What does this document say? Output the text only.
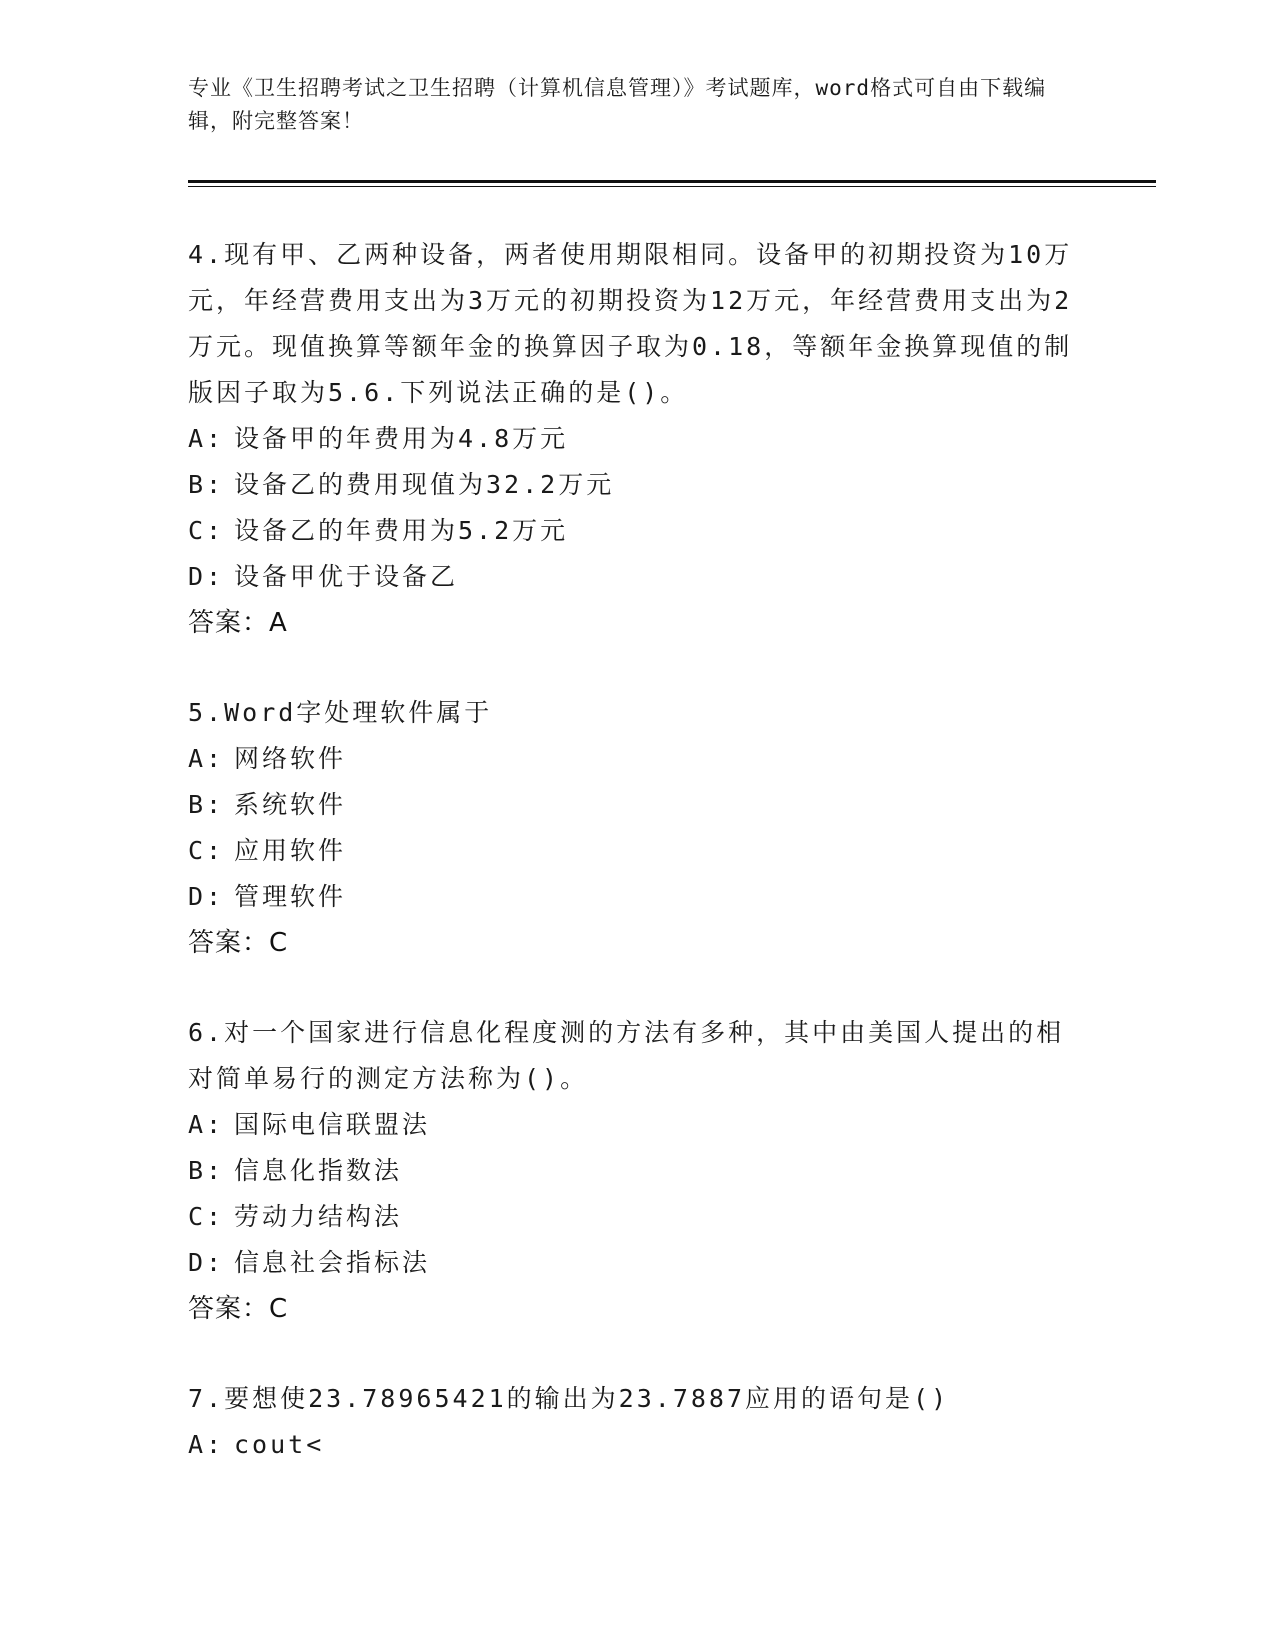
专业《卫生招聘考试之卫生招聘（计算机信息管理）》考试题库，word格式可自由下载编辑，附完整答案！

4.现有甲、乙两种设备，两者使用期限相同。设备甲的初期投资为10万元，年经营费用支出为3万元的初期投资为12万元，年经营费用支出为2万元。现值换算等额年金的换算因子取为0.18，等额年金换算现值的制版因子取为5.6.下列说法正确的是()。

A: 设备甲的年费用为4.8万元

B: 设备乙的费用现值为32.2万元

C: 设备乙的年费用为5.2万元

D: 设备甲优于设备乙

答案：A

5.Word字处理软件属于

A: 网络软件

B: 系统软件

C: 应用软件

D: 管理软件

答案：C

6.对一个国家进行信息化程度测的方法有多种，其中由美国人提出的相对简单易行的测定方法称为()。

A: 国际电信联盟法

B: 信息化指数法

C: 劳动力结构法

D: 信息社会指标法

答案：C

7.要想使23.78965421的输出为23.7887应用的语句是()

A: cout<
